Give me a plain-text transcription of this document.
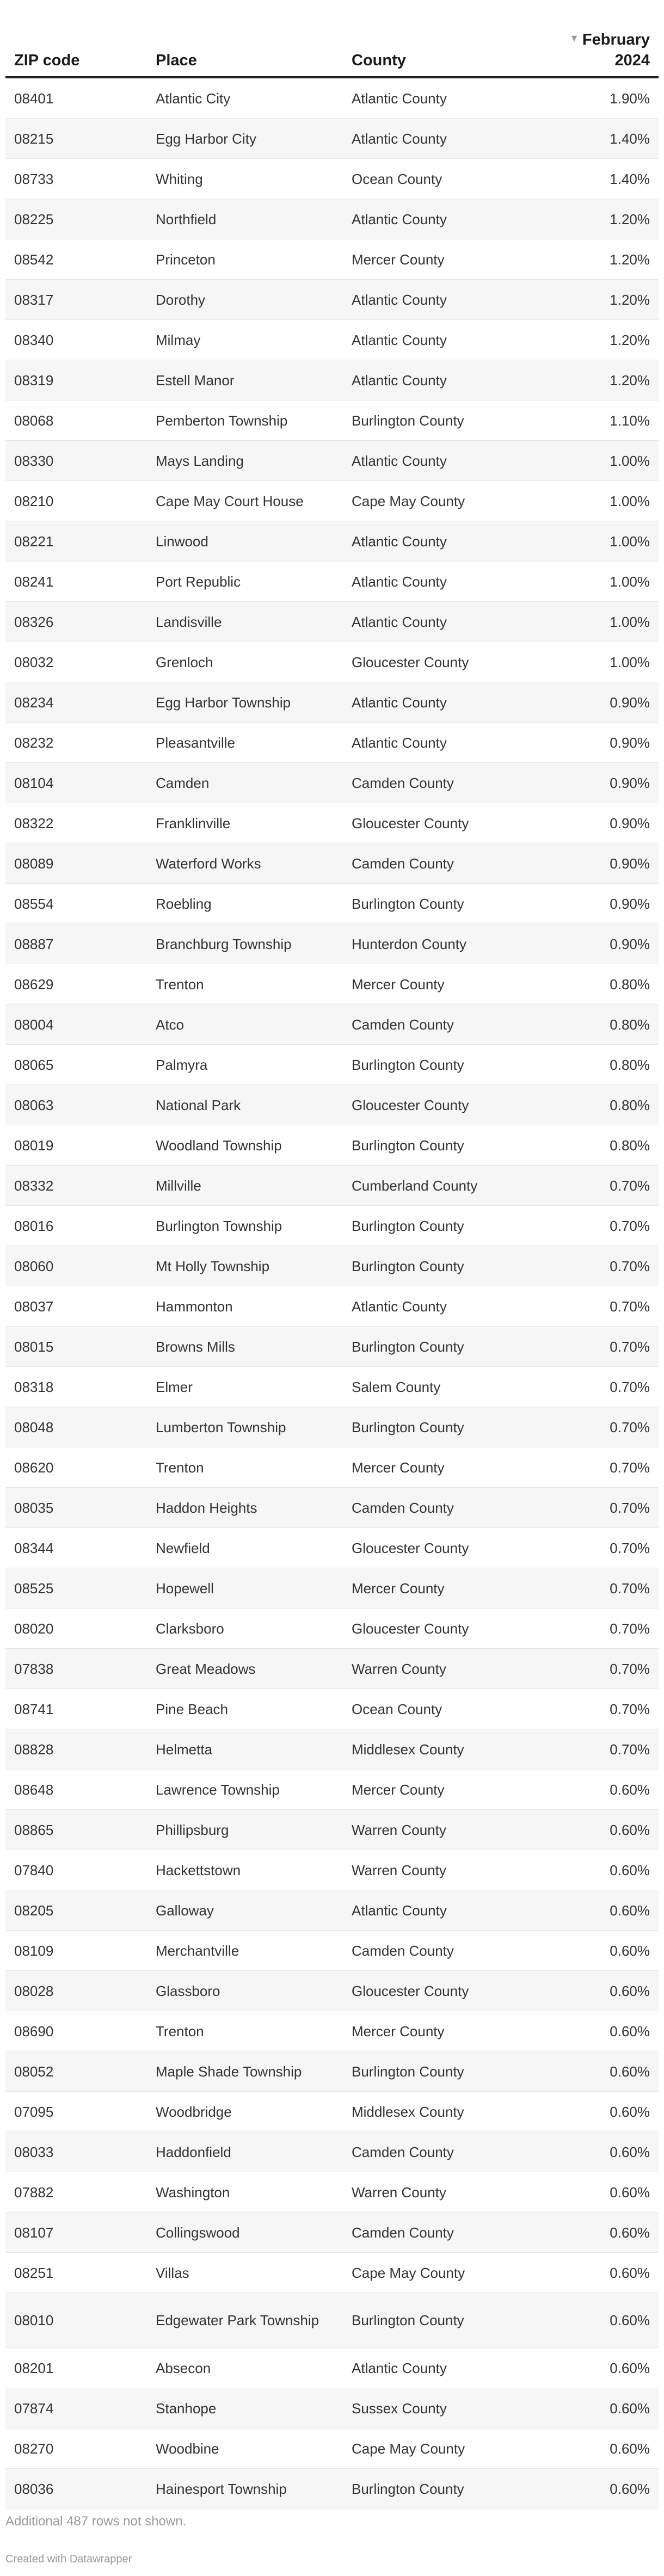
ZIP code	Place	County	▼ February
2024
08401	Atlantic City	Atlantic County	1.90%
08215	Egg Harbor City	Atlantic County	1.40%
08733	Whiting	Ocean County	1.40%
08225	Northfield	Atlantic County	1.20%
08542	Princeton	Mercer County	1.20%
08317	Dorothy	Atlantic County	1.20%
08340	Milmay	Atlantic County	1.20%
08319	Estell Manor	Atlantic County	1.20%
08068	Pemberton Township	Burlington County	1.10%
08330	Mays Landing	Atlantic County	1.00%
08210	Cape May Court House	Cape May County	1.00%
08221	Linwood	Atlantic County	1.00%
08241	Port Republic	Atlantic County	1.00%
08326	Landisville	Atlantic County	1.00%
08032	Grenloch	Gloucester County	1.00%
08234	Egg Harbor Township	Atlantic County	0.90%
08232	Pleasantville	Atlantic County	0.90%
08104	Camden	Camden County	0.90%
08322	Franklinville	Gloucester County	0.90%
08089	Waterford Works	Camden County	0.90%
08554	Roebling	Burlington County	0.90%
08887	Branchburg Township	Hunterdon County	0.90%
08629	Trenton	Mercer County	0.80%
08004	Atco	Camden County	0.80%
08065	Palmyra	Burlington County	0.80%
08063	National Park	Gloucester County	0.80%
08019	Woodland Township	Burlington County	0.80%
08332	Millville	Cumberland County	0.70%
08016	Burlington Township	Burlington County	0.70%
08060	Mt Holly Township	Burlington County	0.70%
08037	Hammonton	Atlantic County	0.70%
08015	Browns Mills	Burlington County	0.70%
08318	Elmer	Salem County	0.70%
08048	Lumberton Township	Burlington County	0.70%
08620	Trenton	Mercer County	0.70%
08035	Haddon Heights	Camden County	0.70%
08344	Newfield	Gloucester County	0.70%
08525	Hopewell	Mercer County	0.70%
08020	Clarksboro	Gloucester County	0.70%
07838	Great Meadows	Warren County	0.70%
08741	Pine Beach	Ocean County	0.70%
08828	Helmetta	Middlesex County	0.70%
08648	Lawrence Township	Mercer County	0.60%
08865	Phillipsburg	Warren County	0.60%
07840	Hackettstown	Warren County	0.60%
08205	Galloway	Atlantic County	0.60%
08109	Merchantville	Camden County	0.60%
08028	Glassboro	Gloucester County	0.60%
08690	Trenton	Mercer County	0.60%
08052	Maple Shade Township	Burlington County	0.60%
07095	Woodbridge	Middlesex County	0.60%
08033	Haddonfield	Camden County	0.60%
07882	Washington	Warren County	0.60%
08107	Collingswood	Camden County	0.60%
08251	Villas	Cape May County	0.60%
08010	Edgewater Park Township	Burlington County	0.60%
08201	Absecon	Atlantic County	0.60%
07874	Stanhope	Sussex County	0.60%
08270	Woodbine	Cape May County	0.60%
08036	Hainesport Township	Burlington County	0.60%
Additional 487 rows not shown.
Created with Datawrapper
